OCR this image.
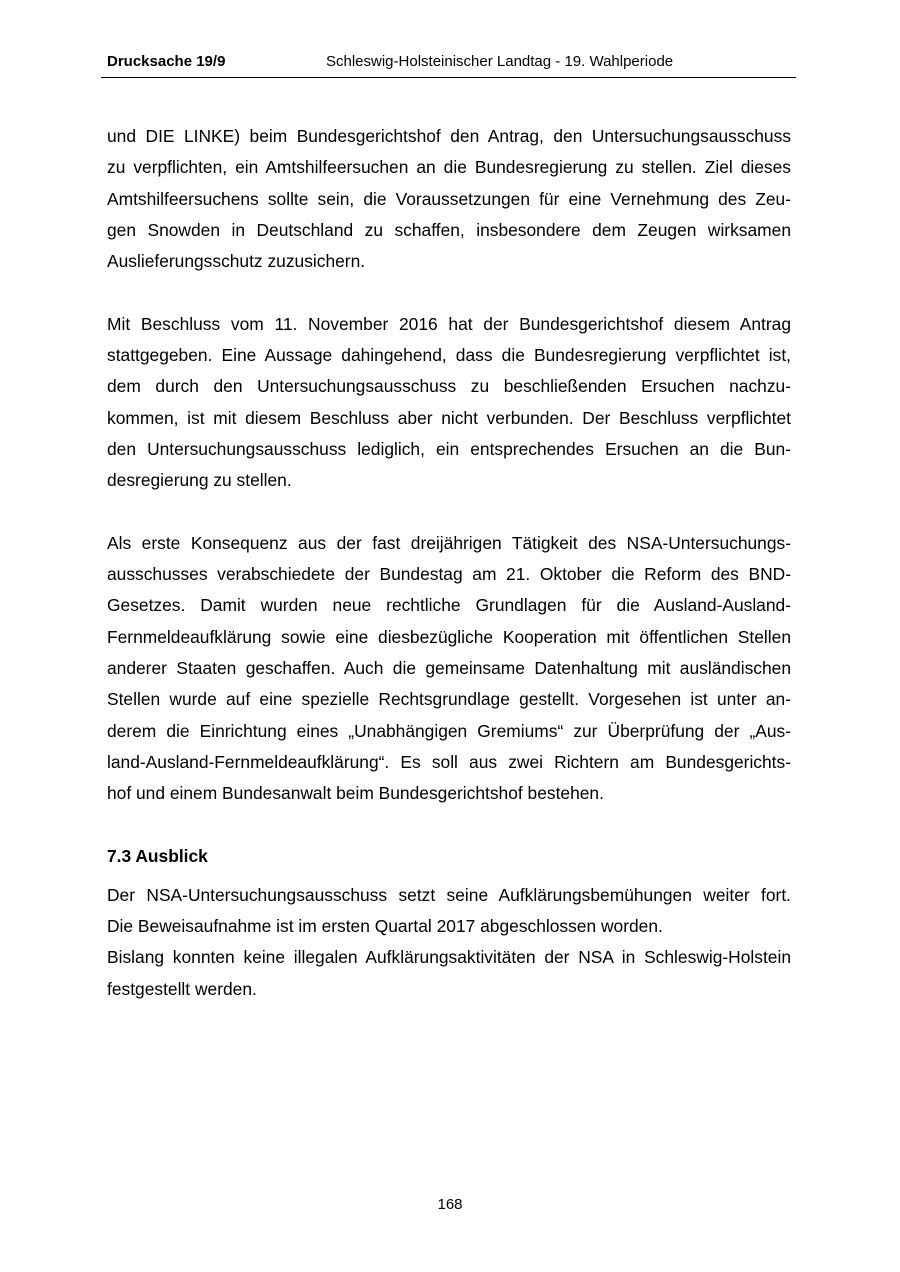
Drucksache 19/9	Schleswig-Holsteinischer Landtag - 19. Wahlperiode
und DIE LINKE) beim Bundesgerichtshof den Antrag, den Untersuchungsausschuss
zu verpflichten, ein Amtshilfeersuchen an die Bundesregierung zu stellen. Ziel dieses
Amtshilfeersuchens sollte sein, die Voraussetzungen für eine Vernehmung des Zeu-
gen Snowden in Deutschland zu schaffen, insbesondere dem Zeugen wirksamen
Auslieferungsschutz zuzusichern.
Mit Beschluss vom 11. November 2016 hat der Bundesgerichtshof diesem Antrag
stattgegeben. Eine Aussage dahingehend, dass die Bundesregierung verpflichtet ist,
dem durch den Untersuchungsausschuss zu beschließenden Ersuchen nachzu-
kommen, ist mit diesem Beschluss aber nicht verbunden. Der Beschluss verpflichtet
den Untersuchungsausschuss lediglich, ein entsprechendes Ersuchen an die Bun-
desregierung zu stellen.
Als erste Konsequenz aus der fast dreijährigen Tätigkeit des NSA-Untersuchungs-
ausschusses verabschiedete der Bundestag am 21. Oktober die Reform des BND-
Gesetzes. Damit wurden neue rechtliche Grundlagen für die Ausland-Ausland-
Fernmeldeaufklärung sowie eine diesbezügliche Kooperation mit öffentlichen Stellen
anderer Staaten geschaffen. Auch die gemeinsame Datenhaltung mit ausländischen
Stellen wurde auf eine spezielle Rechtsgrundlage gestellt. Vorgesehen ist unter an-
derem die Einrichtung eines „Unabhängigen Gremiums“ zur Überprüfung der „Aus-
land-Ausland-Fernmeldeaufklärung“. Es soll aus zwei Richtern am Bundesgerichts-
hof und einem Bundesanwalt beim Bundesgerichtshof bestehen.
7.3 Ausblick
Der NSA-Untersuchungsausschuss setzt seine Aufklärungsbemühungen weiter fort.
Die Beweisaufnahme ist im ersten Quartal 2017 abgeschlossen worden.
Bislang konnten keine illegalen Aufklärungsaktivitäten der NSA in Schleswig-Holstein
festgestellt werden.
168
